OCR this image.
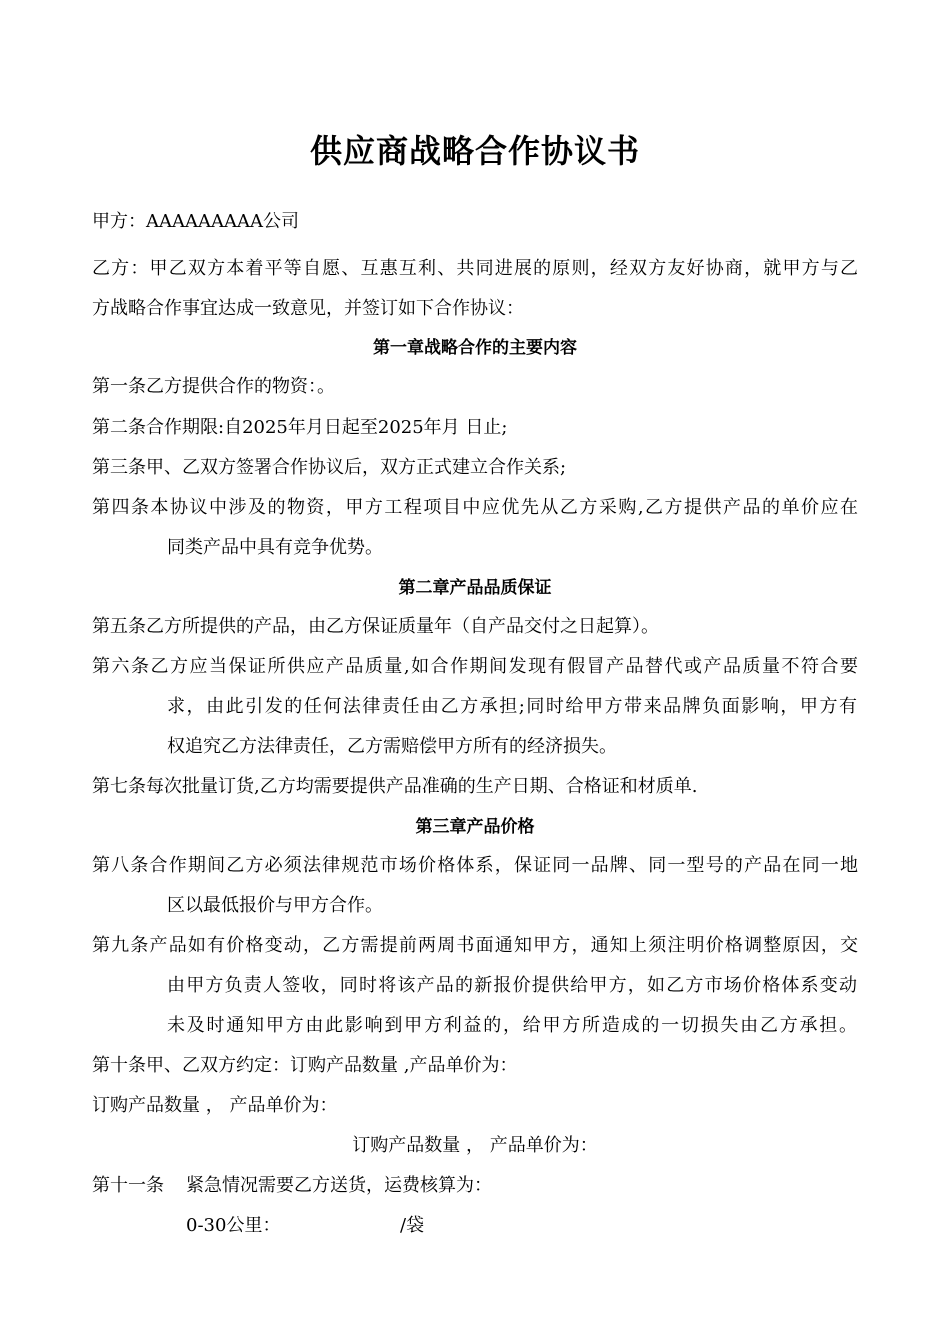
供应商战略合作协议书
甲方：AAAAAAAAA公司
乙方：甲乙双方本着平等自愿、互惠互利、共同进展的原则，经双方友好协商，就甲方与乙
方战略合作事宜达成一致意见，并签订如下合作协议：
第一章战略合作的主要内容
第一条乙方提供合作的物资：。
第二条合作期限:自2025年月日起至2025年月 日止;
第三条甲、乙双方签署合作协议后，双方正式建立合作关系;
第四条本协议中涉及的物资，甲方工程项目中应优先从乙方采购,乙方提供产品的单价应在
同类产品中具有竞争优势。
第二章产品品质保证
第五条乙方所提供的产品，由乙方保证质量年（自产品交付之日起算）。
第六条乙方应当保证所供应产品质量,如合作期间发现有假冒产品替代或产品质量不符合要
求，由此引发的任何法律责任由乙方承担;同时给甲方带来品牌负面影响，甲方有
权追究乙方法律责任，乙方需赔偿甲方所有的经济损失。
第七条每次批量订货,乙方均需要提供产品准确的生产日期、合格证和材质单.
第三章产品价格
第八条合作期间乙方必须法律规范市场价格体系，保证同一品牌、同一型号的产品在同一地
区以最低报价与甲方合作。
第九条产品如有价格变动，乙方需提前两周书面通知甲方，通知上须注明价格调整原因，交
由甲方负责人签收，同时将该产品的新报价提供给甲方，如乙方市场价格体系变动
未及时通知甲方由此影响到甲方利益的，给甲方所造成的一切损失由乙方承担。
第十条甲、乙双方约定：订购产品数量 ,产品单价为：
订购产品数量 ， 产品单价为：
订购产品数量 ， 产品单价为：
第十一条 紧急情况需要乙方送货，运费核算为：
0-30公里：	/袋
